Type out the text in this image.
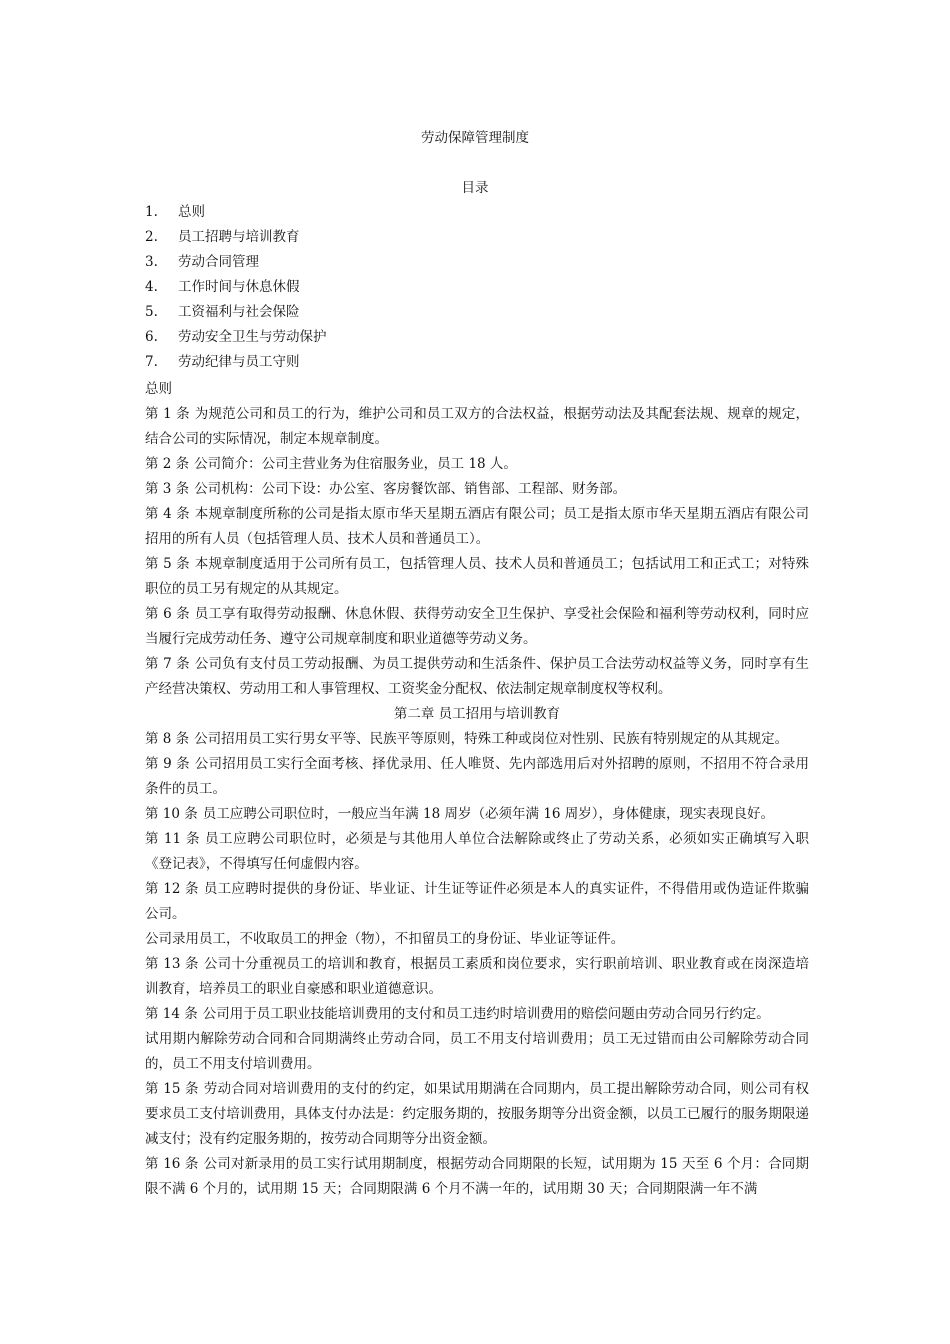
劳动保障管理制度
目录
1. 总则
2. 员工招聘与培训教育
3. 劳动合同管理
4. 工作时间与休息休假
5. 工资福利与社会保险
6. 劳动安全卫生与劳动保护
7. 劳动纪律与员工守则

总则

第 1 条 为规范公司和员工的行为，维护公司和员工双方的合法权益，根据劳动法及其配套法规、规章的规定，结合公司的实际情况，制定本规章制度。

第 2 条 公司简介：公司主营业务为住宿服务业，员工 18 人。

第 3 条 公司机构：公司下设：办公室、客房餐饮部、销售部、工程部、财务部。

第 4 条 本规章制度所称的公司是指太原市华天星期五酒店有限公司；员工是指太原市华天星期五酒店有限公司招用的所有人员（包括管理人员、技术人员和普通员工）。

第 5 条 本规章制度适用于公司所有员工，包括管理人员、技术人员和普通员工；包括试用工和正式工；对特殊职位的员工另有规定的从其规定。

第 6 条 员工享有取得劳动报酬、休息休假、获得劳动安全卫生保护、享受社会保险和福利等劳动权利，同时应当履行完成劳动任务、遵守公司规章制度和职业道德等劳动义务。

第 7 条 公司负有支付员工劳动报酬、为员工提供劳动和生活条件、保护员工合法劳动权益等义务，同时享有生产经营决策权、劳动用工和人事管理权、工资奖金分配权、依法制定规章制度权等权利。

第二章 员工招用与培训教育

第 8 条 公司招用员工实行男女平等、民族平等原则，特殊工种或岗位对性别、民族有特别规定的从其规定。

第 9 条 公司招用员工实行全面考核、择优录用、任人唯贤、先内部选用后对外招聘的原则，不招用不符合录用条件的员工。

第 10 条 员工应聘公司职位时，一般应当年满 18 周岁（必须年满 16 周岁），身体健康，现实表现良好。

第 11 条 员工应聘公司职位时，必须是与其他用人单位合法解除或终止了劳动关系，必须如实正确填写入职《登记表》，不得填写任何虚假内容。

第 12 条 员工应聘时提供的身份证、毕业证、计生证等证件必须是本人的真实证件，不得借用或伪造证件欺骗公司。

公司录用员工，不收取员工的押金（物），不扣留员工的身份证、毕业证等证件。

第 13 条 公司十分重视员工的培训和教育，根据员工素质和岗位要求，实行职前培训、职业教育或在岗深造培训教育，培养员工的职业自豪感和职业道德意识。

第 14 条 公司用于员工职业技能培训费用的支付和员工违约时培训费用的赔偿问题由劳动合同另行约定。

试用期内解除劳动合同和合同期满终止劳动合同，员工不用支付培训费用；员工无过错而由公司解除劳动合同的，员工不用支付培训费用。

第 15 条 劳动合同对培训费用的支付的约定，如果试用期满在合同期内，员工提出解除劳动合同，则公司有权要求员工支付培训费用，具体支付办法是：约定服务期的，按服务期等分出资金额，以员工已履行的服务期限递减支付；没有约定服务期的，按劳动合同期等分出资金额。

第 16 条 公司对新录用的员工实行试用期制度，根据劳动合同期限的长短，试用期为 15 天至 6 个月：合同期限不满 6 个月的，试用期 15 天；合同期限满 6 个月不满一年的，试用期 30 天；合同期限满一年不满
